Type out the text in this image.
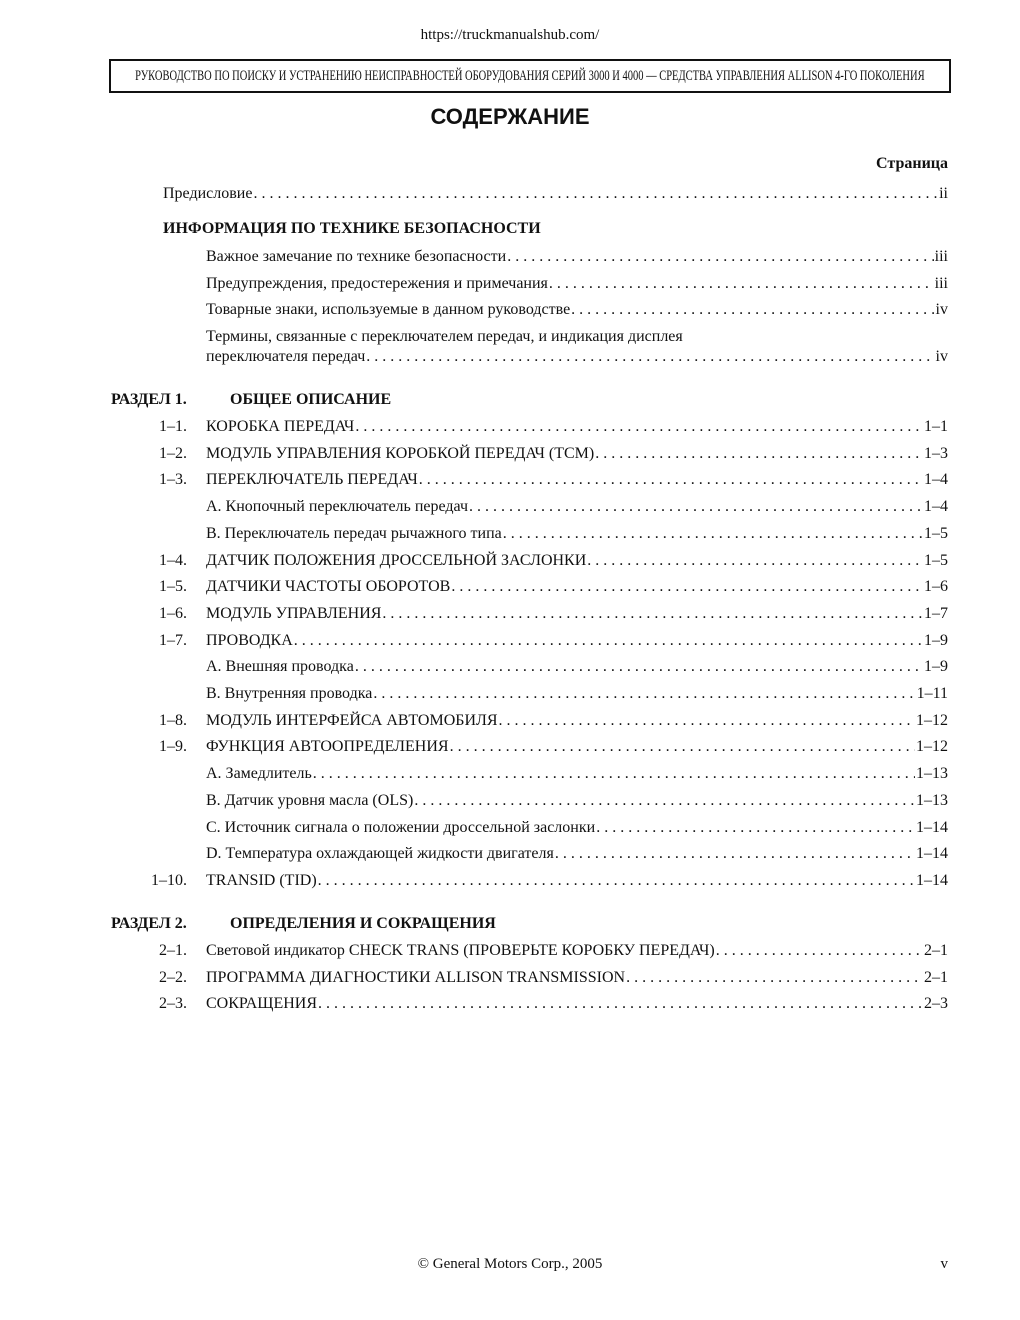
https://truckmanualshub.com/
РУКОВОДСТВО ПО ПОИСКУ И УСТРАНЕНИЮ НЕИСПРАВНОСТЕЙ ОБОРУДОВАНИЯ СЕРИЙ 3000 И 4000 — СРЕДСТВА УПРАВЛЕНИЯ ALLISON 4-ГО ПОКОЛЕНИЯ
СОДЕРЖАНИЕ
Страница
Предисловие . . .	ii
ИНФОРМАЦИЯ ПО ТЕХНИКЕ БЕЗОПАСНОСТИ
Важное замечание по технике безопасности . . .	iii
Предупреждения, предостережения и примечания . . .	iii
Товарные знаки, используемые в данном руководстве . . .	iv
Термины, связанные с переключателем передач, и индикация дисплея
переключателя передач . . .	iv
РАЗДЕЛ 1.	ОБЩЕЕ ОПИСАНИЕ
1–1. КОРОБКА ПЕРЕДАЧ . . .	1–1
1–2. МОДУЛЬ УПРАВЛЕНИЯ КОРОБКОЙ ПЕРЕДАЧ (TCM) . . .	1–3
1–3. ПЕРЕКЛЮЧАТЕЛЬ ПЕРЕДАЧ . . .	1–4
A. Кнопочный переключатель передач . . .	1–4
B. Переключатель передач рычажного типа . . .	1–5
1–4. ДАТЧИК ПОЛОЖЕНИЯ ДРОССЕЛЬНОЙ ЗАСЛОНКИ . . .	1–5
1–5. ДАТЧИКИ ЧАСТОТЫ ОБОРОТОВ . . .	1–6
1–6. МОДУЛЬ УПРАВЛЕНИЯ . . .	1–7
1–7. ПРОВОДКА . . .	1–9
A. Внешняя проводка . . .	1–9
B. Внутренняя проводка . . .	1–11
1–8. МОДУЛЬ ИНТЕРФЕЙСА АВТОМОБИЛЯ . . .	1–12
1–9. ФУНКЦИЯ АВТООПРЕДЕЛЕНИЯ . . .	1–12
A. Замедлитель . . .	1–13
B. Датчик уровня масла (OLS) . . .	1–13
C. Источник сигнала о положении дроссельной заслонки . . .	1–14
D. Температура охлаждающей жидкости двигателя . . .	1–14
1–10. TRANSID (TID) . . .	1–14
РАЗДЕЛ 2.	ОПРЕДЕЛЕНИЯ И СОКРАЩЕНИЯ
2–1. Световой индикатор CHECK TRANS (ПРОВЕРЬТЕ КОРОБКУ ПЕРЕДАЧ) . . .	2–1
2–2. ПРОГРАММА ДИАГНОСТИКИ ALLISON TRANSMISSION . . .	2–1
2–3. СОКРАЩЕНИЯ . . .	2–3
© General Motors Corp., 2005	v
